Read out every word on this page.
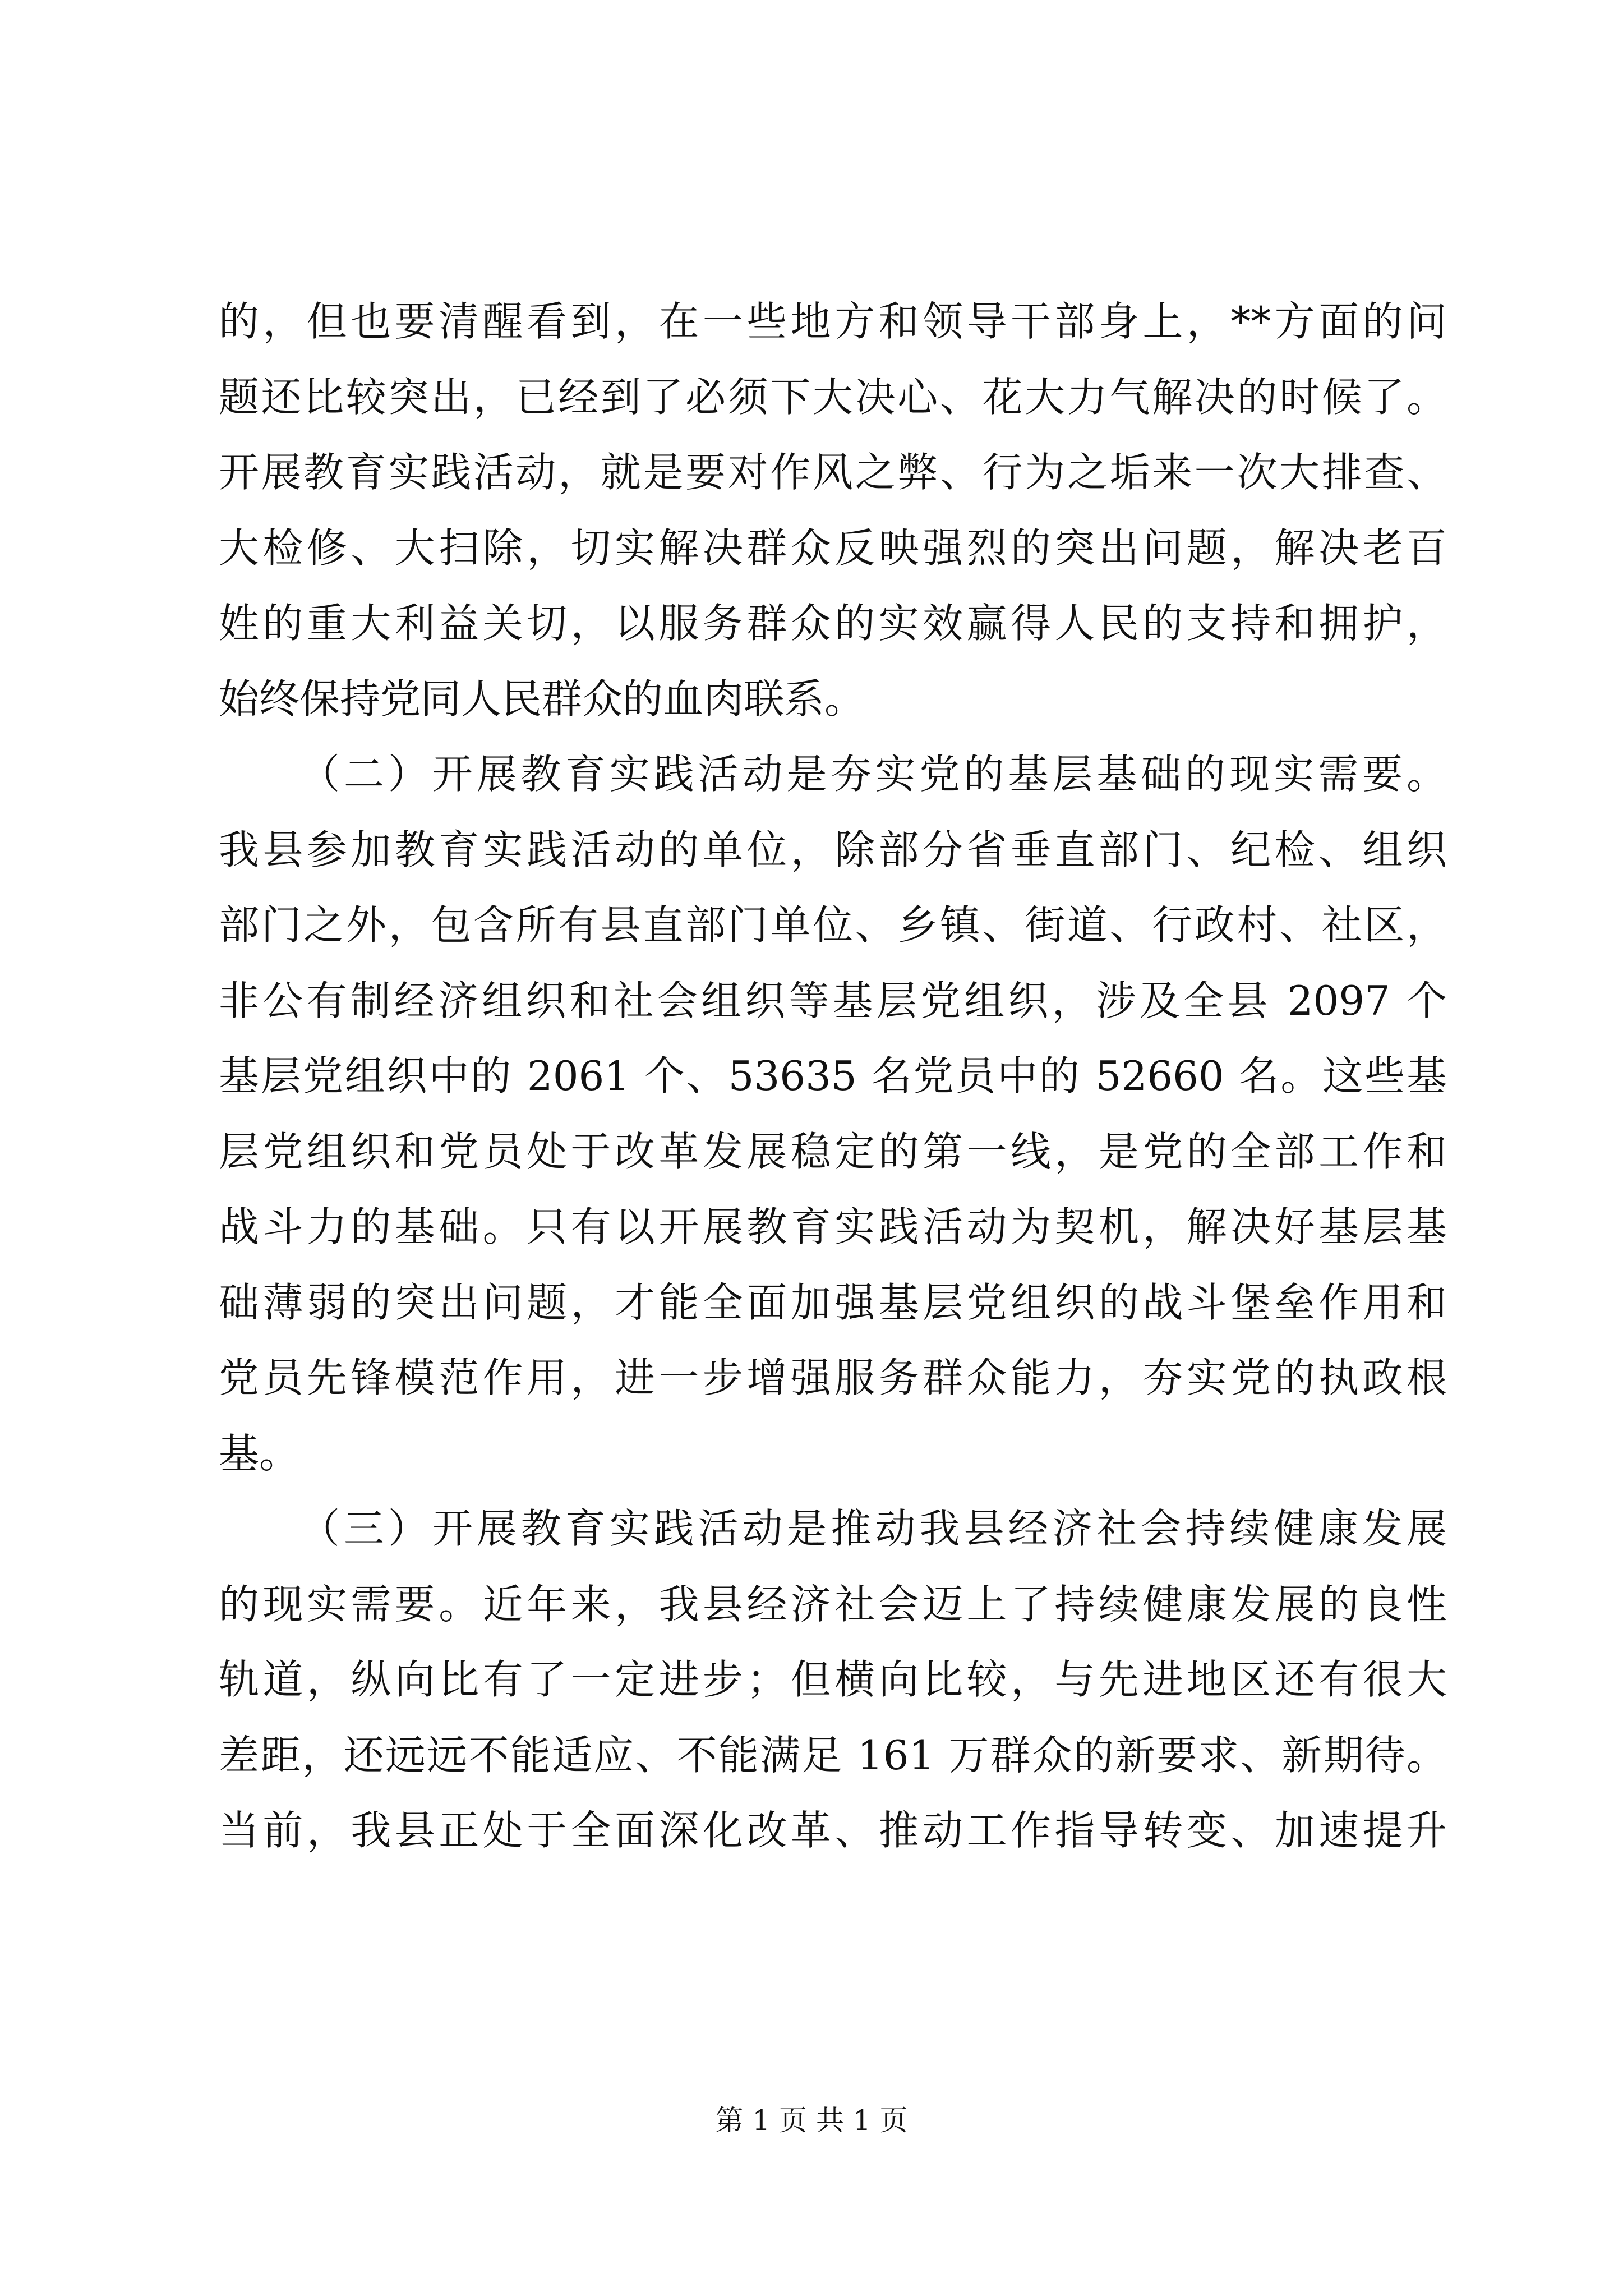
的，但也要清醒看到，在一些地方和领导干部身上，**方面的问
题还比较突出，已经到了必须下大决心、花大力气解决的时候了。
开展教育实践活动，就是要对作风之弊、行为之垢来一次大排查、
大检修、大扫除，切实解决群众反映强烈的突出问题，解决老百
姓的重大利益关切，以服务群众的实效赢得人民的支持和拥护，
始终保持党同人民群众的血肉联系。
（二）开展教育实践活动是夯实党的基层基础的现实需要。
我县参加教育实践活动的单位，除部分省垂直部门、纪检、组织
部门之外，包含所有县直部门单位、乡镇、街道、行政村、社区，
非公有制经济组织和社会组织等基层党组织，涉及全县 2097 个
基层党组织中的 2061 个、53635 名党员中的 52660 名。这些基
层党组织和党员处于改革发展稳定的第一线，是党的全部工作和
战斗力的基础。只有以开展教育实践活动为契机，解决好基层基
础薄弱的突出问题，才能全面加强基层党组织的战斗堡垒作用和
党员先锋模范作用，进一步增强服务群众能力，夯实党的执政根
基。
（三）开展教育实践活动是推动我县经济社会持续健康发展
的现实需要。近年来，我县经济社会迈上了持续健康发展的良性
轨道，纵向比有了一定进步；但横向比较，与先进地区还有很大
差距，还远远不能适应、不能满足 161 万群众的新要求、新期待。
当前，我县正处于全面深化改革、推动工作指导转变、加速提升
第 1 页 共 1 页
